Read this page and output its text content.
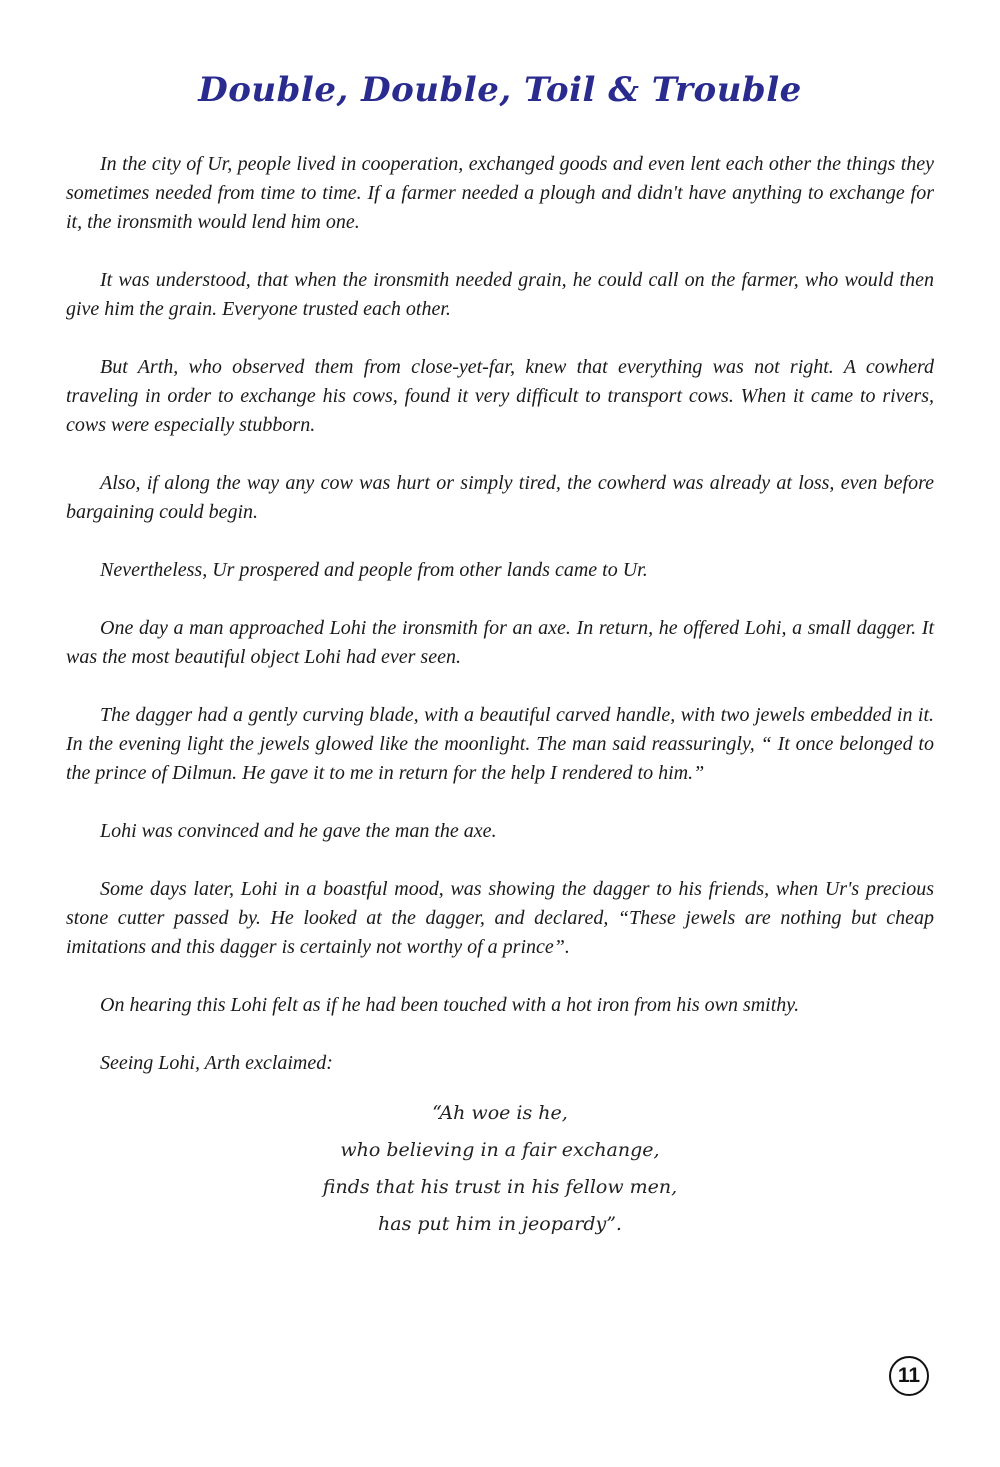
Double, Double, Toil & Trouble

In the city of Ur, people lived in cooperation, exchanged goods and even lent each other the things they sometimes needed from time to time. If a farmer needed a plough and didn't have anything to exchange for it, the ironsmith would lend him one.

It was understood, that when the ironsmith needed grain, he could call on the farmer, who would then give him the grain. Everyone trusted each other.

But Arth, who observed them from close-yet-far, knew that everything was not right. A cowherd traveling in order to exchange his cows, found it very difficult to transport cows. When it came to rivers, cows were especially stubborn.

Also, if along the way any cow was hurt or simply tired, the cowherd was already at loss, even before bargaining could begin.

Nevertheless, Ur prospered and people from other lands came to Ur.

One day a man approached Lohi the ironsmith for an axe. In return, he offered Lohi, a small dagger. It was the most beautiful object Lohi had ever seen.

The dagger had a gently curving blade, with a beautiful carved handle, with two jewels embedded in it. In the evening light the jewels glowed like the moonlight. The man said reassuringly, “ It once belonged to the prince of Dilmun. He gave it to me in return for the help I rendered to him.”

Lohi was convinced and he gave the man the axe.

Some days later, Lohi in a boastful mood, was showing the dagger to his friends, when Ur's precious stone cutter passed by. He looked at the dagger, and declared, “These jewels are nothing but cheap imitations and this dagger is certainly not worthy of a prince”.

On hearing this Lohi felt as if he had been touched with a hot iron from his own smithy.

Seeing Lohi, Arth exclaimed:

“Ah woe is he,
who believing in a fair exchange,
finds that his trust in his fellow men,
has put him in jeopardy”.
11
